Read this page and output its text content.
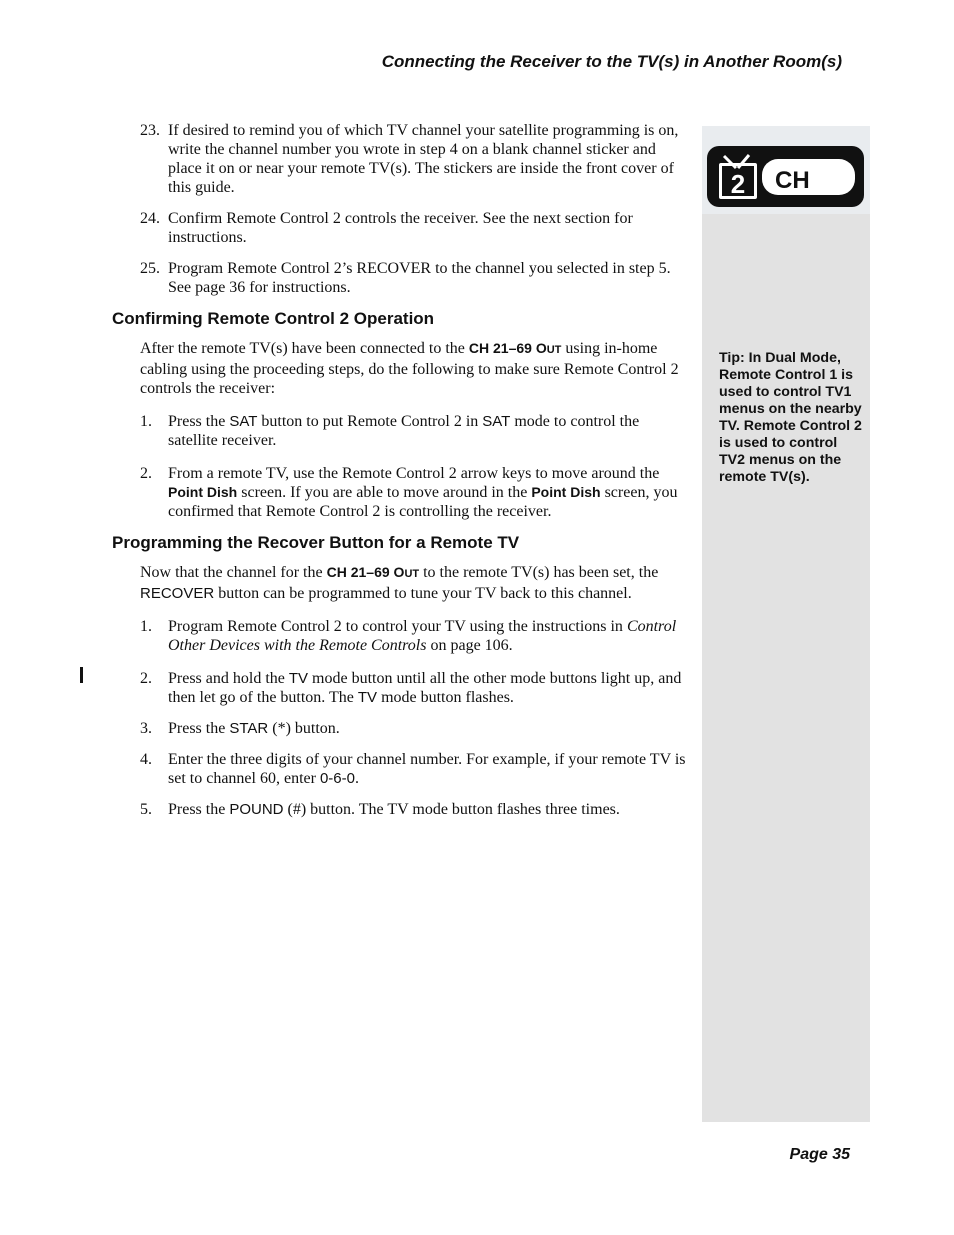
Connecting the Receiver to the TV(s) in Another Room(s)
2 CH
Tip: In Dual Mode, Remote Control 1 is used to control TV1 menus on the nearby TV. Remote Control 2 is used to control TV2 menus on the remote TV(s).
23. If desired to remind you of which TV channel your satellite programming is on, write the channel number you wrote in step 4 on a blank channel sticker and place it on or near your remote TV(s). The stickers are inside the front cover of this guide.
24. Confirm Remote Control 2 controls the receiver. See the next section for instructions.
25. Program Remote Control 2’s RECOVER to the channel you selected in step 5. See page 36 for instructions.
Confirming Remote Control 2 Operation
After the remote TV(s) have been connected to the CH 21–69 OUT using in-home cabling using the proceeding steps, do the following to make sure Remote Control 2 controls the receiver:
1. Press the SAT button to put Remote Control 2 in SAT mode to control the satellite receiver.
2. From a remote TV, use the Remote Control 2 arrow keys to move around the Point Dish screen. If you are able to move around in the Point Dish screen, you confirmed that Remote Control 2 is controlling the receiver.
Programming the Recover Button for a Remote TV
Now that the channel for the CH 21–69 OUT to the remote TV(s) has been set, the RECOVER button can be programmed to tune your TV back to this channel.
1. Program Remote Control 2 to control your TV using the instructions in Control Other Devices with the Remote Controls on page 106.
2. Press and hold the TV mode button until all the other mode buttons light up, and then let go of the button. The TV mode button flashes.
3. Press the STAR (*) button.
4. Enter the three digits of your channel number. For example, if your remote TV is set to channel 60, enter 0-6-0.
5. Press the POUND (#) button. The TV mode button flashes three times.
Page 35
